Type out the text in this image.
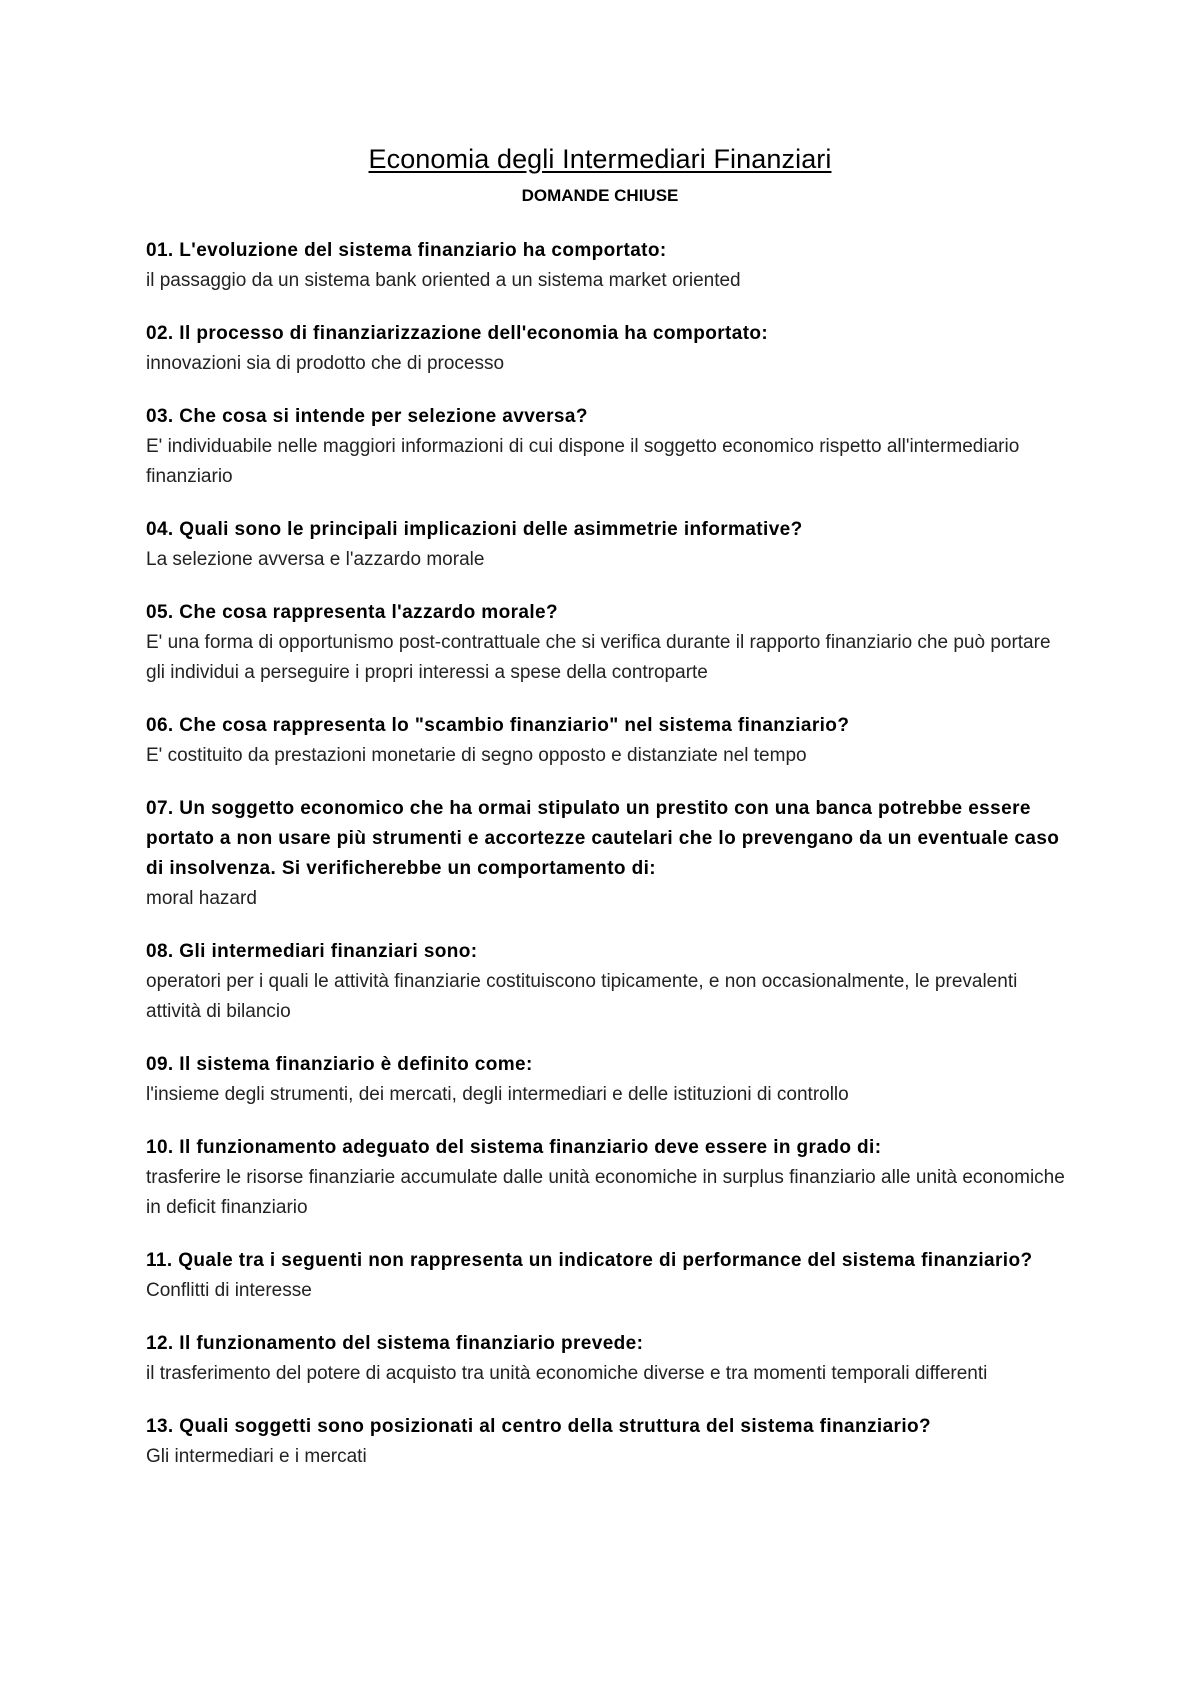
Economia degli Intermediari Finanziari
DOMANDE CHIUSE
01. L'evoluzione del sistema finanziario ha comportato:
il passaggio da un sistema bank oriented a un sistema market oriented
02. Il processo di finanziarizzazione dell'economia ha comportato:
innovazioni sia di prodotto che di processo
03. Che cosa si intende per selezione avversa?
E' individuabile nelle maggiori informazioni di cui dispone il soggetto economico rispetto all'intermediario finanziario
04. Quali sono le principali implicazioni delle asimmetrie informative?
La selezione avversa e l'azzardo morale
05. Che cosa rappresenta l'azzardo morale?
E' una forma di opportunismo post-contrattuale che si verifica durante il rapporto finanziario che può portare gli individui a perseguire i propri interessi a spese della controparte
06. Che cosa rappresenta lo "scambio finanziario" nel sistema finanziario?
E' costituito da prestazioni monetarie di segno opposto e distanziate nel tempo
07. Un soggetto economico che ha ormai stipulato un prestito con una banca potrebbe essere portato a non usare più strumenti e accortezze cautelari che lo prevengano da un eventuale caso di insolvenza. Si verificherebbe un comportamento di:
moral hazard
08. Gli intermediari finanziari sono:
operatori per i quali le attività finanziarie costituiscono tipicamente, e non occasionalmente, le prevalenti attività di bilancio
09. Il sistema finanziario è definito come:
l'insieme degli strumenti, dei mercati, degli intermediari e delle istituzioni di controllo
10. Il funzionamento adeguato del sistema finanziario deve essere in grado di:
trasferire le risorse finanziarie accumulate dalle unità economiche in surplus finanziario alle unità economiche in deficit finanziario
11. Quale tra i seguenti non rappresenta un indicatore di performance del sistema finanziario?
Conflitti di interesse
12. Il funzionamento del sistema finanziario prevede:
il trasferimento del potere di acquisto tra unità economiche diverse e tra momenti temporali differenti
13. Quali soggetti sono posizionati al centro della struttura del sistema finanziario?
Gli intermediari e i mercati
